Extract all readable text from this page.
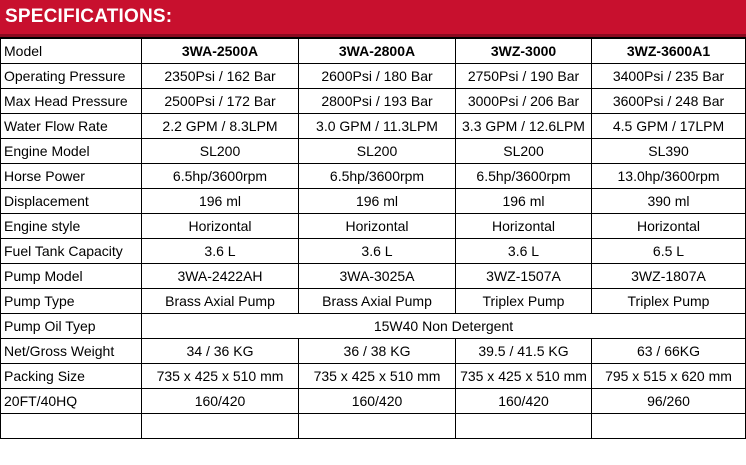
SPECIFICATIONS:
Model	3WA-2500A	3WA-2800A	3WZ-3000	3WZ-3600A1
Operating Pressure	2350Psi / 162 Bar	2600Psi / 180 Bar	2750Psi / 190 Bar	3400Psi / 235 Bar
Max Head Pressure	2500Psi / 172 Bar	2800Psi / 193 Bar	3000Psi / 206 Bar	3600Psi / 248 Bar
Water Flow Rate	2.2 GPM / 8.3LPM	3.0 GPM / 11.3LPM	3.3 GPM / 12.6LPM	4.5 GPM / 17LPM
Engine Model	SL200	SL200	SL200	SL390
Horse Power	6.5hp/3600rpm	6.5hp/3600rpm	6.5hp/3600rpm	13.0hp/3600rpm
Displacement	196 ml	196 ml	196 ml	390 ml
Engine style	Horizontal	Horizontal	Horizontal	Horizontal
Fuel Tank Capacity	3.6 L	3.6 L	3.6 L	6.5 L
Pump Model	3WA-2422AH	3WA-3025A	3WZ-1507A	3WZ-1807A
Pump Type	Brass Axial Pump	Brass Axial Pump	Triplex Pump	Triplex Pump
Pump Oil Tyep	15W40 Non Detergent			
Net/Gross Weight	34 / 36 KG	36 / 38 KG	39.5 / 41.5 KG	63 / 66KG
Packing Size	735 x 425 x 510 mm	735 x 425 x 510 mm	735 x 425 x 510 mm	795 x 515 x 620 mm
20FT/40HQ	160/420	160/420	160/420	96/260
